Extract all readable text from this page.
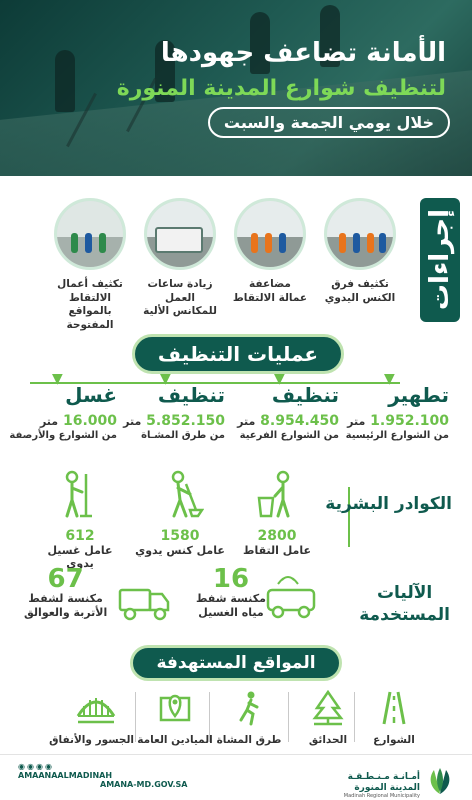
الأمانة تضاعف جهودها
لتنظيف شوارع المدينة المنورة
خلال يومي الجمعة والسبت
إجراءات
تكثيف فرق
الكنس اليدوي
مضاعفة
عمالة الالتقاط
زيادة ساعات العمل
للمكانس الألية
تكثيف أعمال الالتقاط
بالمواقع المفتوحة
عمليات التنظيف
▼
تطهير
1.952.100 متر
من الشوارع الرئيسية
▼
تنظيف
8.954.450 متر
من الشوارع الفرعية
▼
تنظيف
5.852.150 متر
من طرق المشـاة
▼
غسل
16.000 متر
من الشوارع والأرصفة
الكوادر البشرية
2800
عامل التقاط
1580
عامل كنس يدوي
612
عامل غسيل يدوي
الآليات
المستخدمة
16
مكنسة شفط
مياه الغسيل
67
مكنسة لشفط
الأتربة والعوالق
المواقع المستهدفة
الشوارع
الحدائق
طرق المشاة
الميادين العامة
الجسور والأنفاق
◉◉◉◉
AMAANAALMADINAH
AMANA-MD.GOV.SA
أمـانـة مـنـطـقـة
المدينة المنورة
Madinah Regional Municipality
